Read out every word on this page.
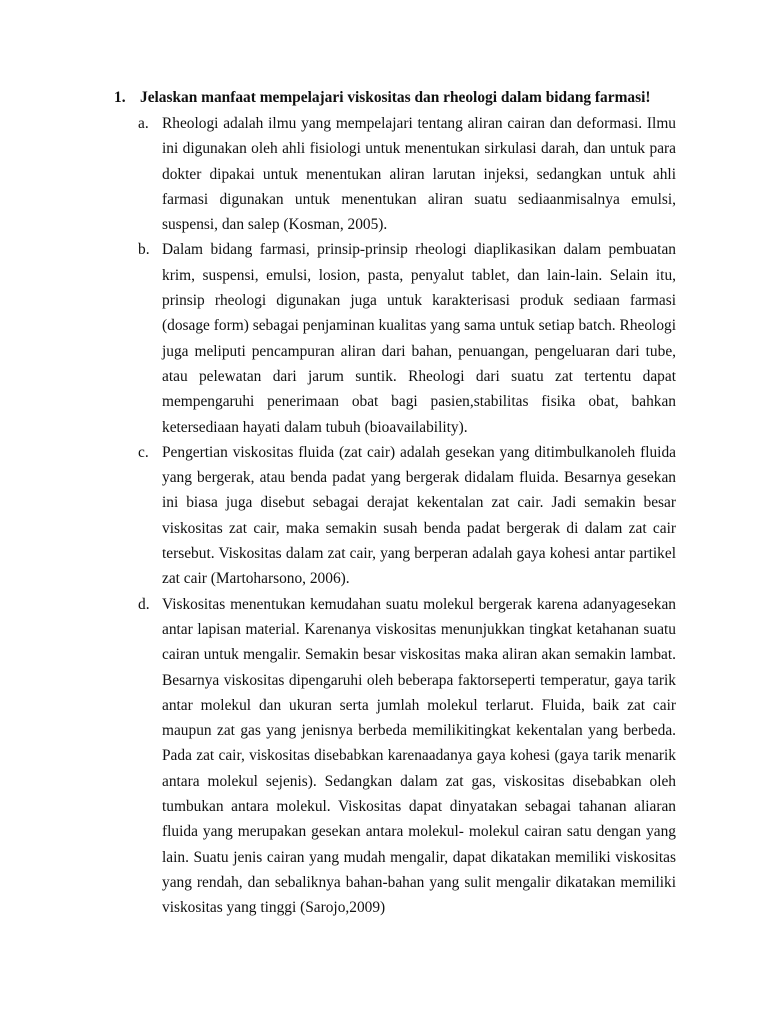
1. Jelaskan manfaat mempelajari viskositas dan rheologi dalam bidang farmasi!
a. Rheologi adalah ilmu yang mempelajari tentang aliran cairan dan deformasi. Ilmu ini digunakan oleh ahli fisiologi untuk menentukan sirkulasi darah, dan untuk para dokter dipakai untuk menentukan aliran larutan injeksi, sedangkan untuk ahli farmasi digunakan untuk menentukan aliran suatu sediaanmisalnya emulsi, suspensi, dan salep (Kosman, 2005).
b. Dalam bidang farmasi, prinsip-prinsip rheologi diaplikasikan dalam pembuatan krim, suspensi, emulsi, losion, pasta, penyalut tablet, dan lain-lain. Selain itu, prinsip rheologi digunakan juga untuk karakterisasi produk sediaan farmasi (dosage form) sebagai penjaminan kualitas yang sama untuk setiap batch. Rheologi juga meliputi pencampuran aliran dari bahan, penuangan, pengeluaran dari tube, atau pelewatan dari jarum suntik. Rheologi dari suatu zat tertentu dapat mempengaruhi penerimaan obat bagi pasien,stabilitas fisika obat, bahkan ketersediaan hayati dalam tubuh (bioavailability).
c. Pengertian viskositas fluida (zat cair) adalah gesekan yang ditimbulkanoleh fluida yang bergerak, atau benda padat yang bergerak didalam fluida. Besarnya gesekan ini biasa juga disebut sebagai derajat kekentalan zat cair. Jadi semakin besar viskositas zat cair, maka semakin susah benda padat bergerak di dalam zat cair tersebut. Viskositas dalam zat cair, yang berperan adalah gaya kohesi antar partikel zat cair (Martoharsono, 2006).
d. Viskositas menentukan kemudahan suatu molekul bergerak karena adanyagesekan antar lapisan material. Karenanya viskositas menunjukkan tingkat ketahanan suatu cairan untuk mengalir. Semakin besar viskositas maka aliran akan semakin lambat. Besarnya viskositas dipengaruhi oleh beberapa faktorseperti temperatur, gaya tarik antar molekul dan ukuran serta jumlah molekul terlarut. Fluida, baik zat cair maupun zat gas yang jenisnya berbeda memilikitingkat kekentalan yang berbeda. Pada zat cair, viskositas disebabkan karenaadanya gaya kohesi (gaya tarik menarik antara molekul sejenis). Sedangkan dalam zat gas, viskositas disebabkan oleh tumbukan antara molekul. Viskositas dapat dinyatakan sebagai tahanan aliaran fluida yang merupakan gesekan antara molekul- molekul cairan satu dengan yang lain. Suatu jenis cairan yang mudah mengalir, dapat dikatakan memiliki viskositas yang rendah, dan sebaliknya bahan-bahan yang sulit mengalir dikatakan memiliki viskositas yang tinggi (Sarojo,2009)
